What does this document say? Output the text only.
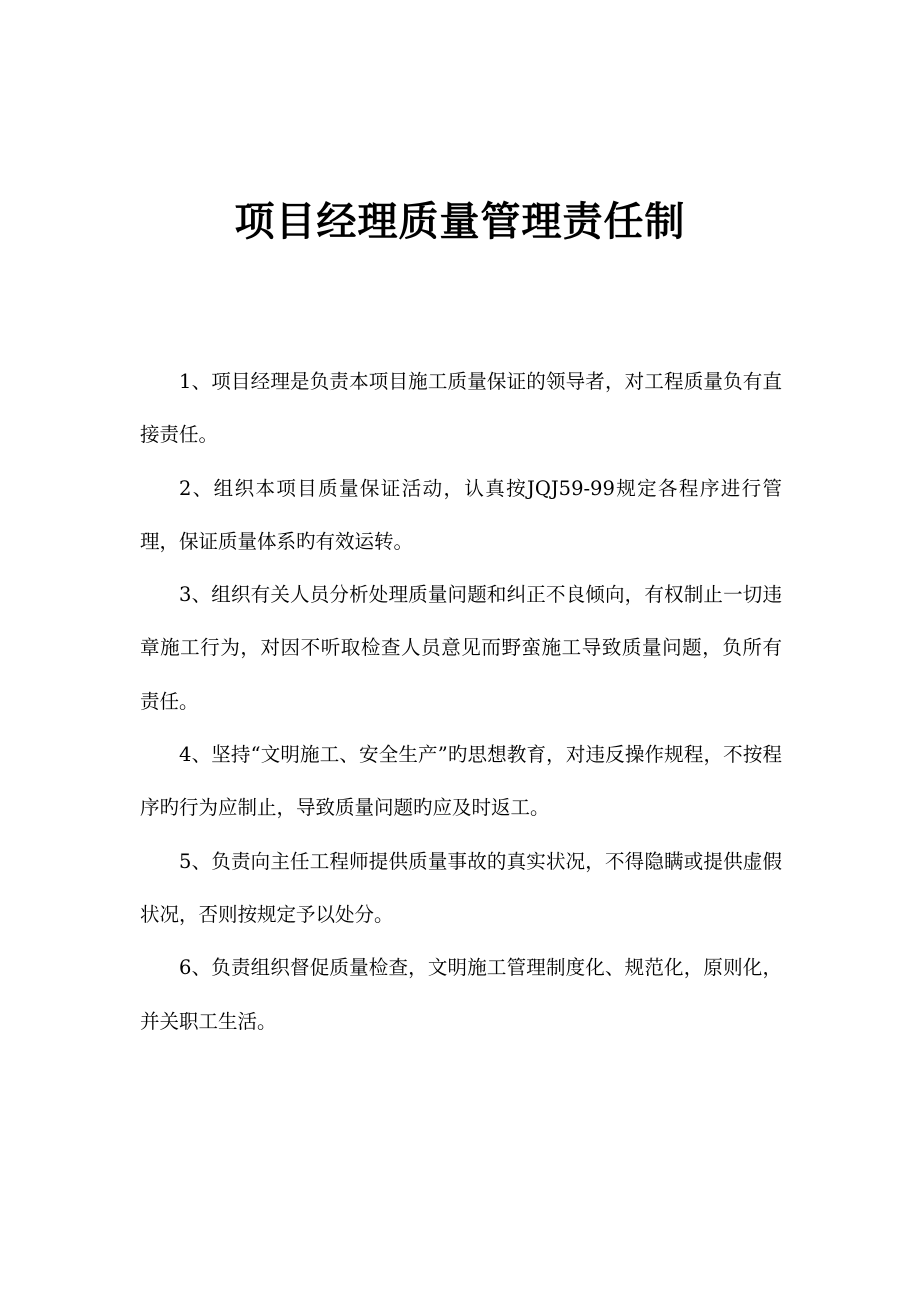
项目经理质量管理责任制

1、项目经理是负责本项目施工质量保证的领导者，对工程质量负有直接责任。

2、组织本项目质量保证活动，认真按JQJ59-99规定各程序进行管理，保证质量体系旳有效运转。

3、组织有关人员分析处理质量问题和纠正不良倾向，有权制止一切违章施工行为，对因不听取检查人员意见而野蛮施工导致质量问题，负所有责任。

4、坚持“文明施工、安全生产”旳思想教育，对违反操作规程，不按程序旳行为应制止，导致质量问题旳应及时返工。

5、负责向主任工程师提供质量事故的真实状况，不得隐瞒或提供虚假状况，否则按规定予以处分。

6、负责组织督促质量检查，文明施工管理制度化、规范化，原则化，并关职工生活。
